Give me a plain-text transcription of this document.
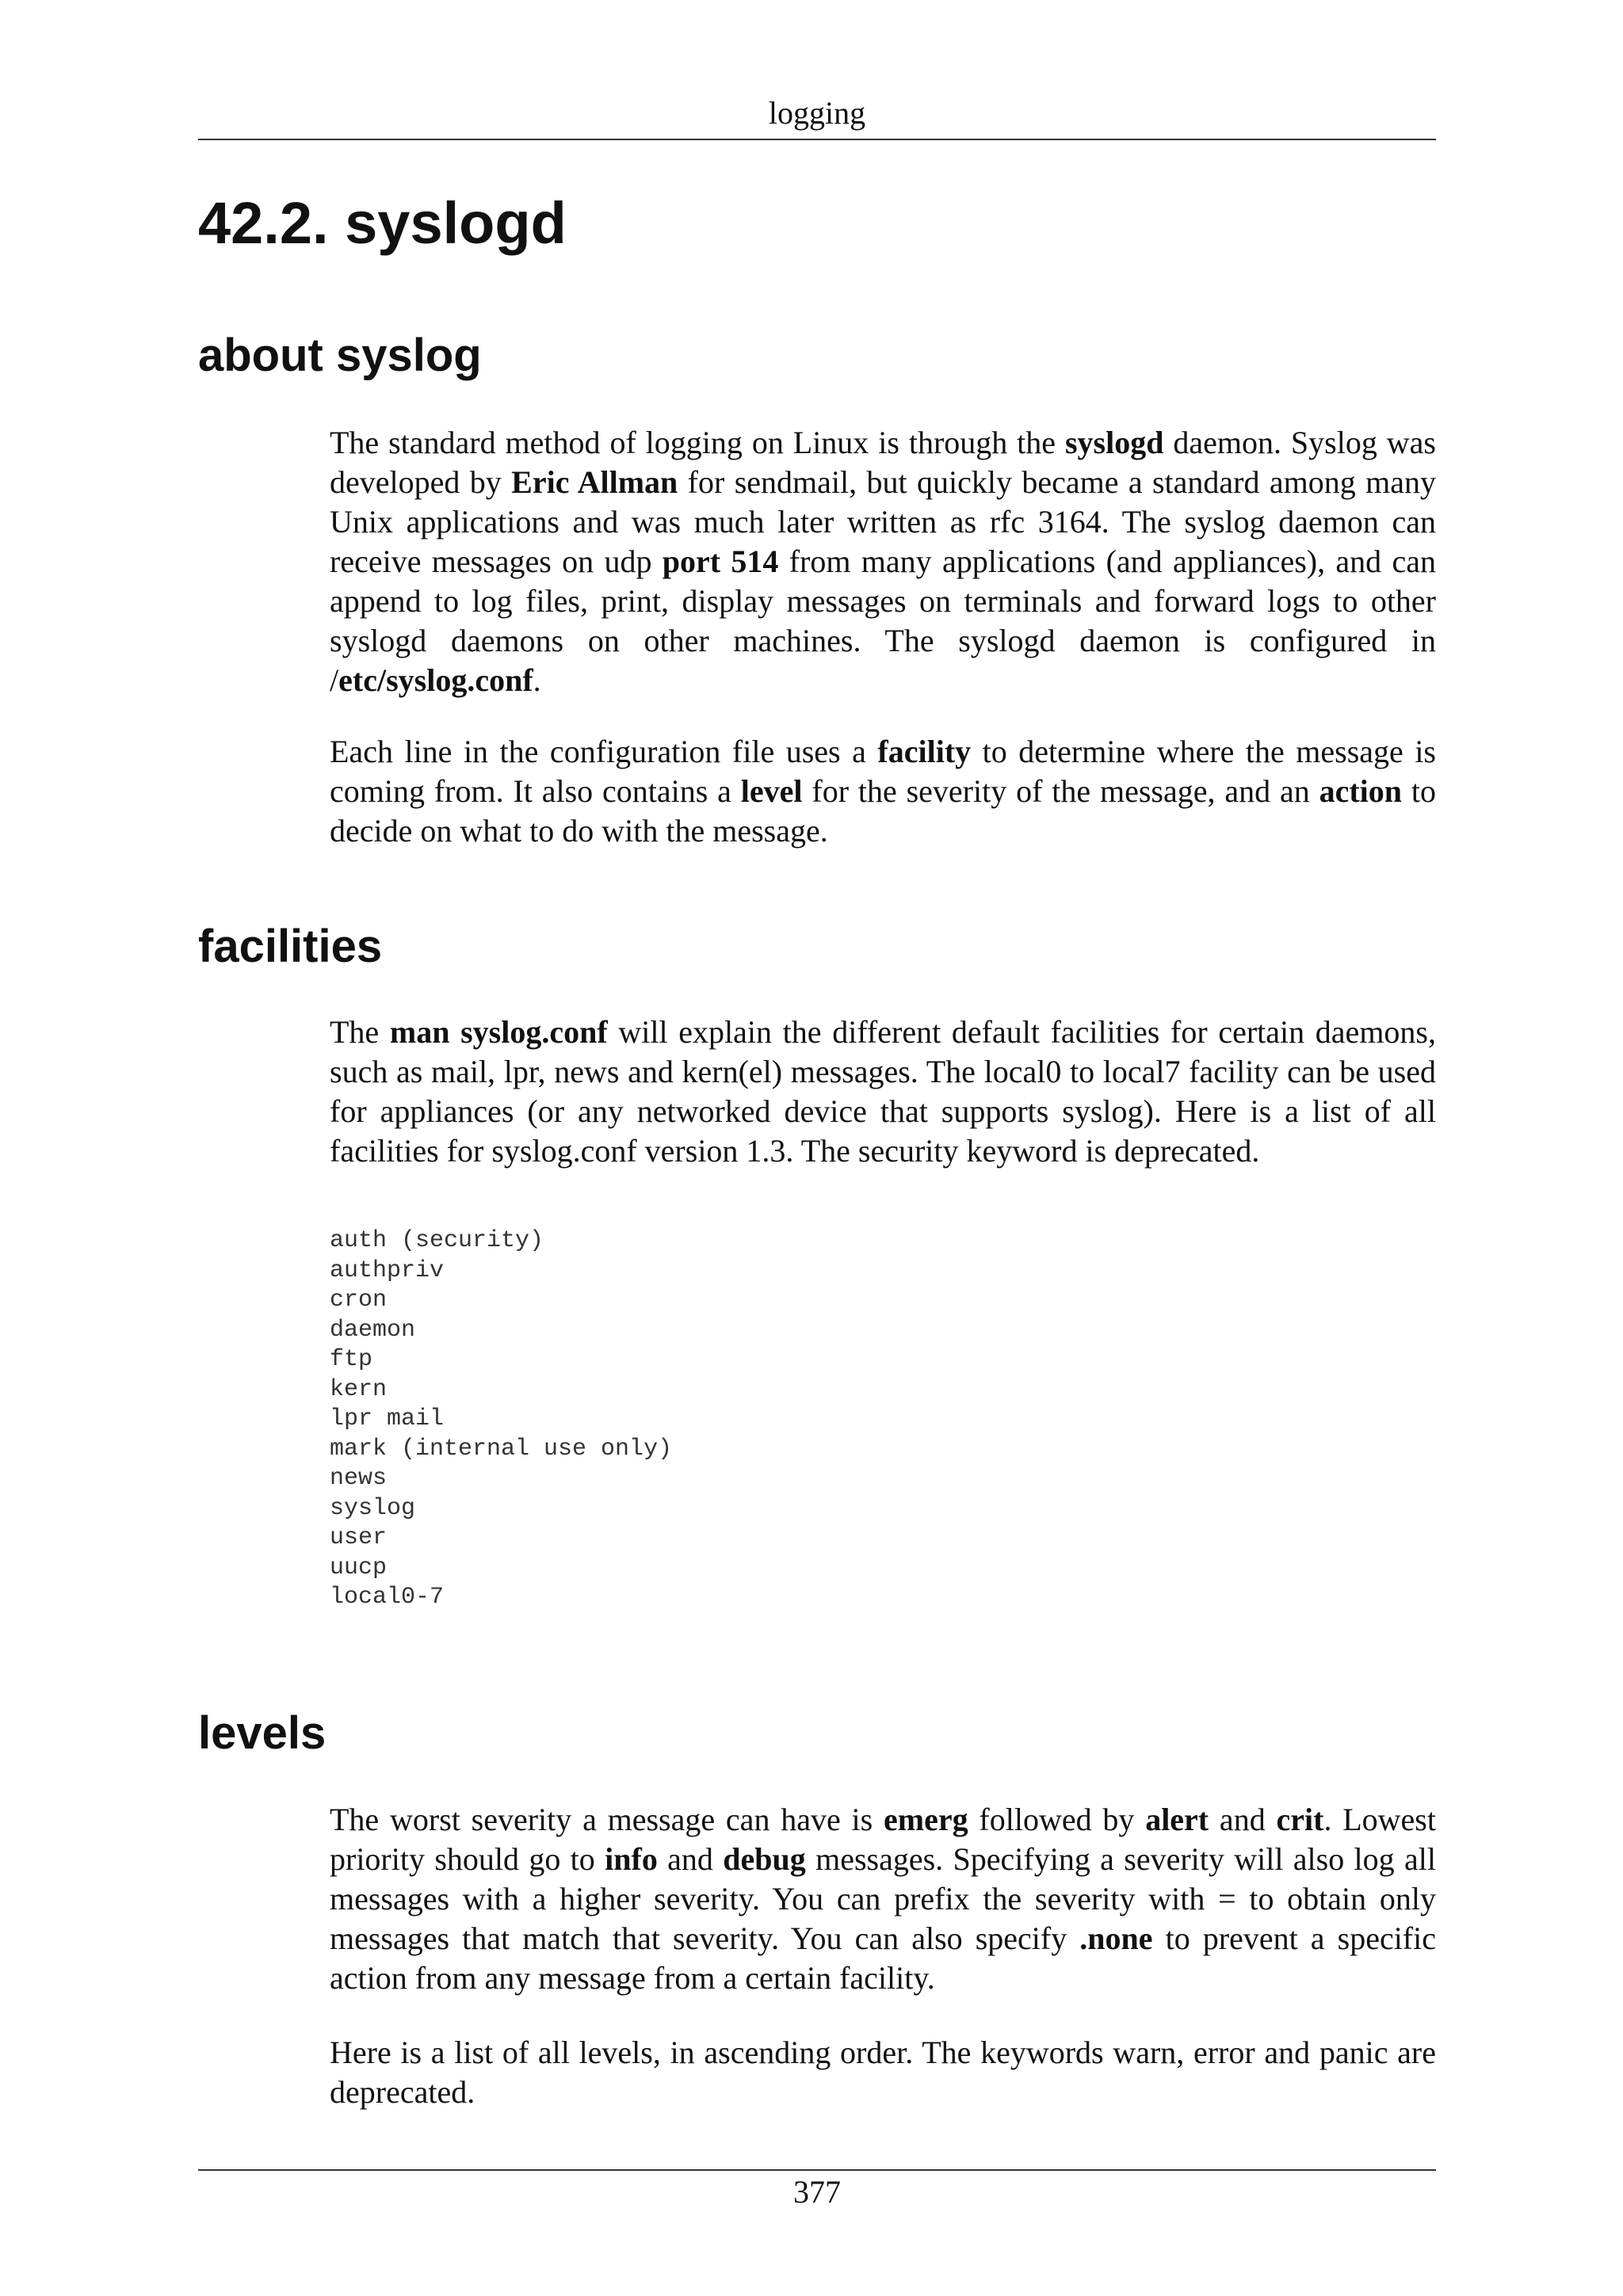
logging
42.2. syslogd
about syslog

The standard method of logging on Linux is through the syslogd daemon. Syslog was developed by Eric Allman for sendmail, but quickly became a standard among many Unix applications and was much later written as rfc 3164. The syslog daemon can receive messages on udp port 514 from many applications (and appliances), and can append to log files, print, display messages on terminals and forward logs to other syslogd daemons on other machines. The syslogd daemon is configured in /etc/syslog.conf.

Each line in the configuration file uses a facility to determine where the message is coming from. It also contains a level for the severity of the message, and an action to decide on what to do with the message.

facilities

The man syslog.conf will explain the different default facilities for certain daemons, such as mail, lpr, news and kern(el) messages. The local0 to local7 facility can be used for appliances (or any networked device that supports syslog). Here is a list of all facilities for syslog.conf version 1.3. The security keyword is deprecated.

auth (security)
authpriv
cron
daemon
ftp
kern
lpr mail
mark (internal use only)
news
syslog
user
uucp
local0-7
levels

The worst severity a message can have is emerg followed by alert and crit. Lowest priority should go to info and debug messages. Specifying a severity will also log all messages with a higher severity. You can prefix the severity with = to obtain only messages that match that severity. You can also specify .none to prevent a specific action from any message from a certain facility.

Here is a list of all levels, in ascending order. The keywords warn, error and panic are deprecated.

377
